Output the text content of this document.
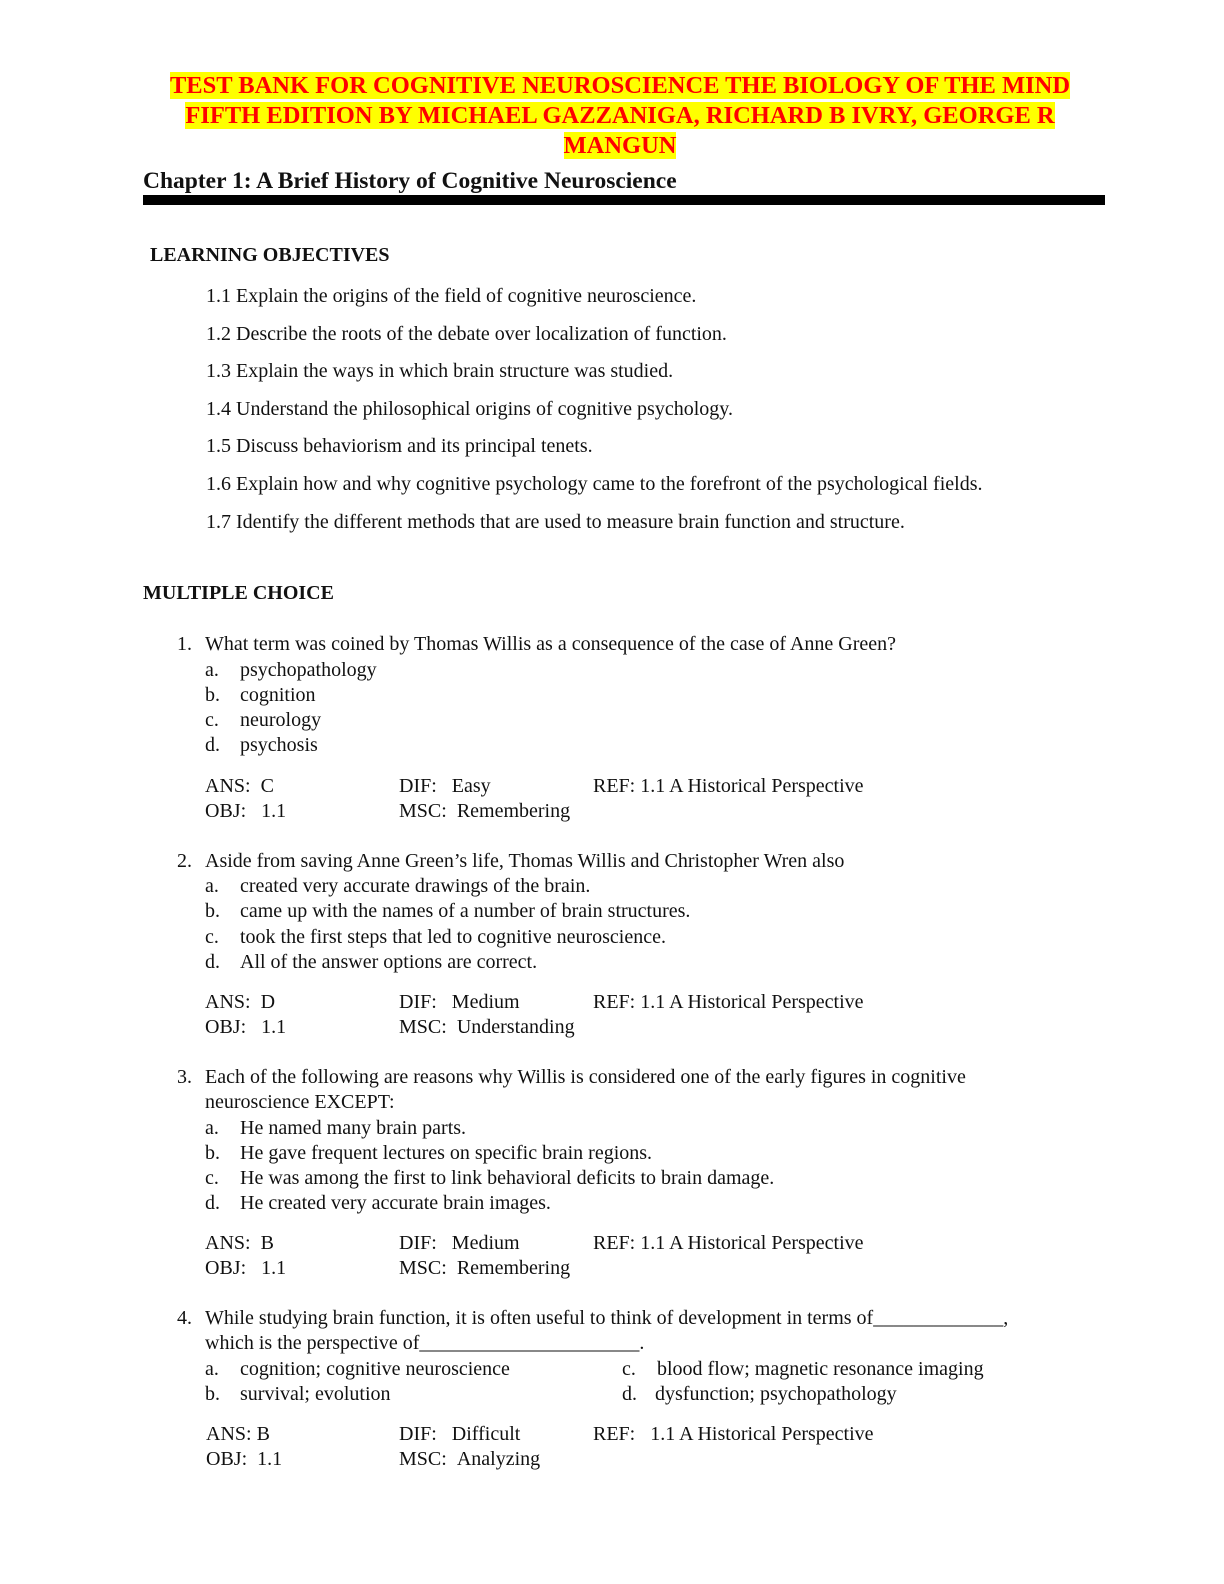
TEST BANK FOR COGNITIVE NEUROSCIENCE THE BIOLOGY OF THE MIND
FIFTH EDITION BY MICHAEL GAZZANIGA, RICHARD B IVRY, GEORGE R
MANGUN
Chapter 1: A Brief History of Cognitive Neuroscience
LEARNING OBJECTIVES
1.1 Explain the origins of the field of cognitive neuroscience.
1.2 Describe the roots of the debate over localization of function.
1.3 Explain the ways in which brain structure was studied.
1.4 Understand the philosophical origins of cognitive psychology.
1.5 Discuss behaviorism and its principal tenets.
1.6 Explain how and why cognitive psychology came to the forefront of the psychological fields.
1.7 Identify the different methods that are used to measure brain function and structure.
MULTIPLE CHOICE
1. What term was coined by Thomas Willis as a consequence of the case of Anne Green?
a. psychopathology
b. cognition
c. neurology
d. psychosis
ANS: C	DIF: Easy	REF: 1.1 A Historical Perspective
OBJ: 1.1	MSC: Remembering
2. Aside from saving Anne Green’s life, Thomas Willis and Christopher Wren also
a. created very accurate drawings of the brain.
b. came up with the names of a number of brain structures.
c. took the first steps that led to cognitive neuroscience.
d. All of the answer options are correct.
ANS: D	DIF: Medium	REF: 1.1 A Historical Perspective
OBJ: 1.1	MSC: Understanding
3. Each of the following are reasons why Willis is considered one of the early figures in cognitive
neuroscience EXCEPT:
a. He named many brain parts.
b. He gave frequent lectures on specific brain regions.
c. He was among the first to link behavioral deficits to brain damage.
d. He created very accurate brain images.
ANS: B	DIF: Medium	REF: 1.1 A Historical Perspective
OBJ: 1.1	MSC: Remembering
4. While studying brain function, it is often useful to think of development in terms of_____________,
which is the perspective of______________________.
a. cognition; cognitive neuroscience
b. survival; evolution
c. blood flow; magnetic resonance imaging
d. dysfunction; psychopathology
ANS: B	DIF: Difficult	REF: 1.1 A Historical Perspective
OBJ: 1.1	MSC: Analyzing
